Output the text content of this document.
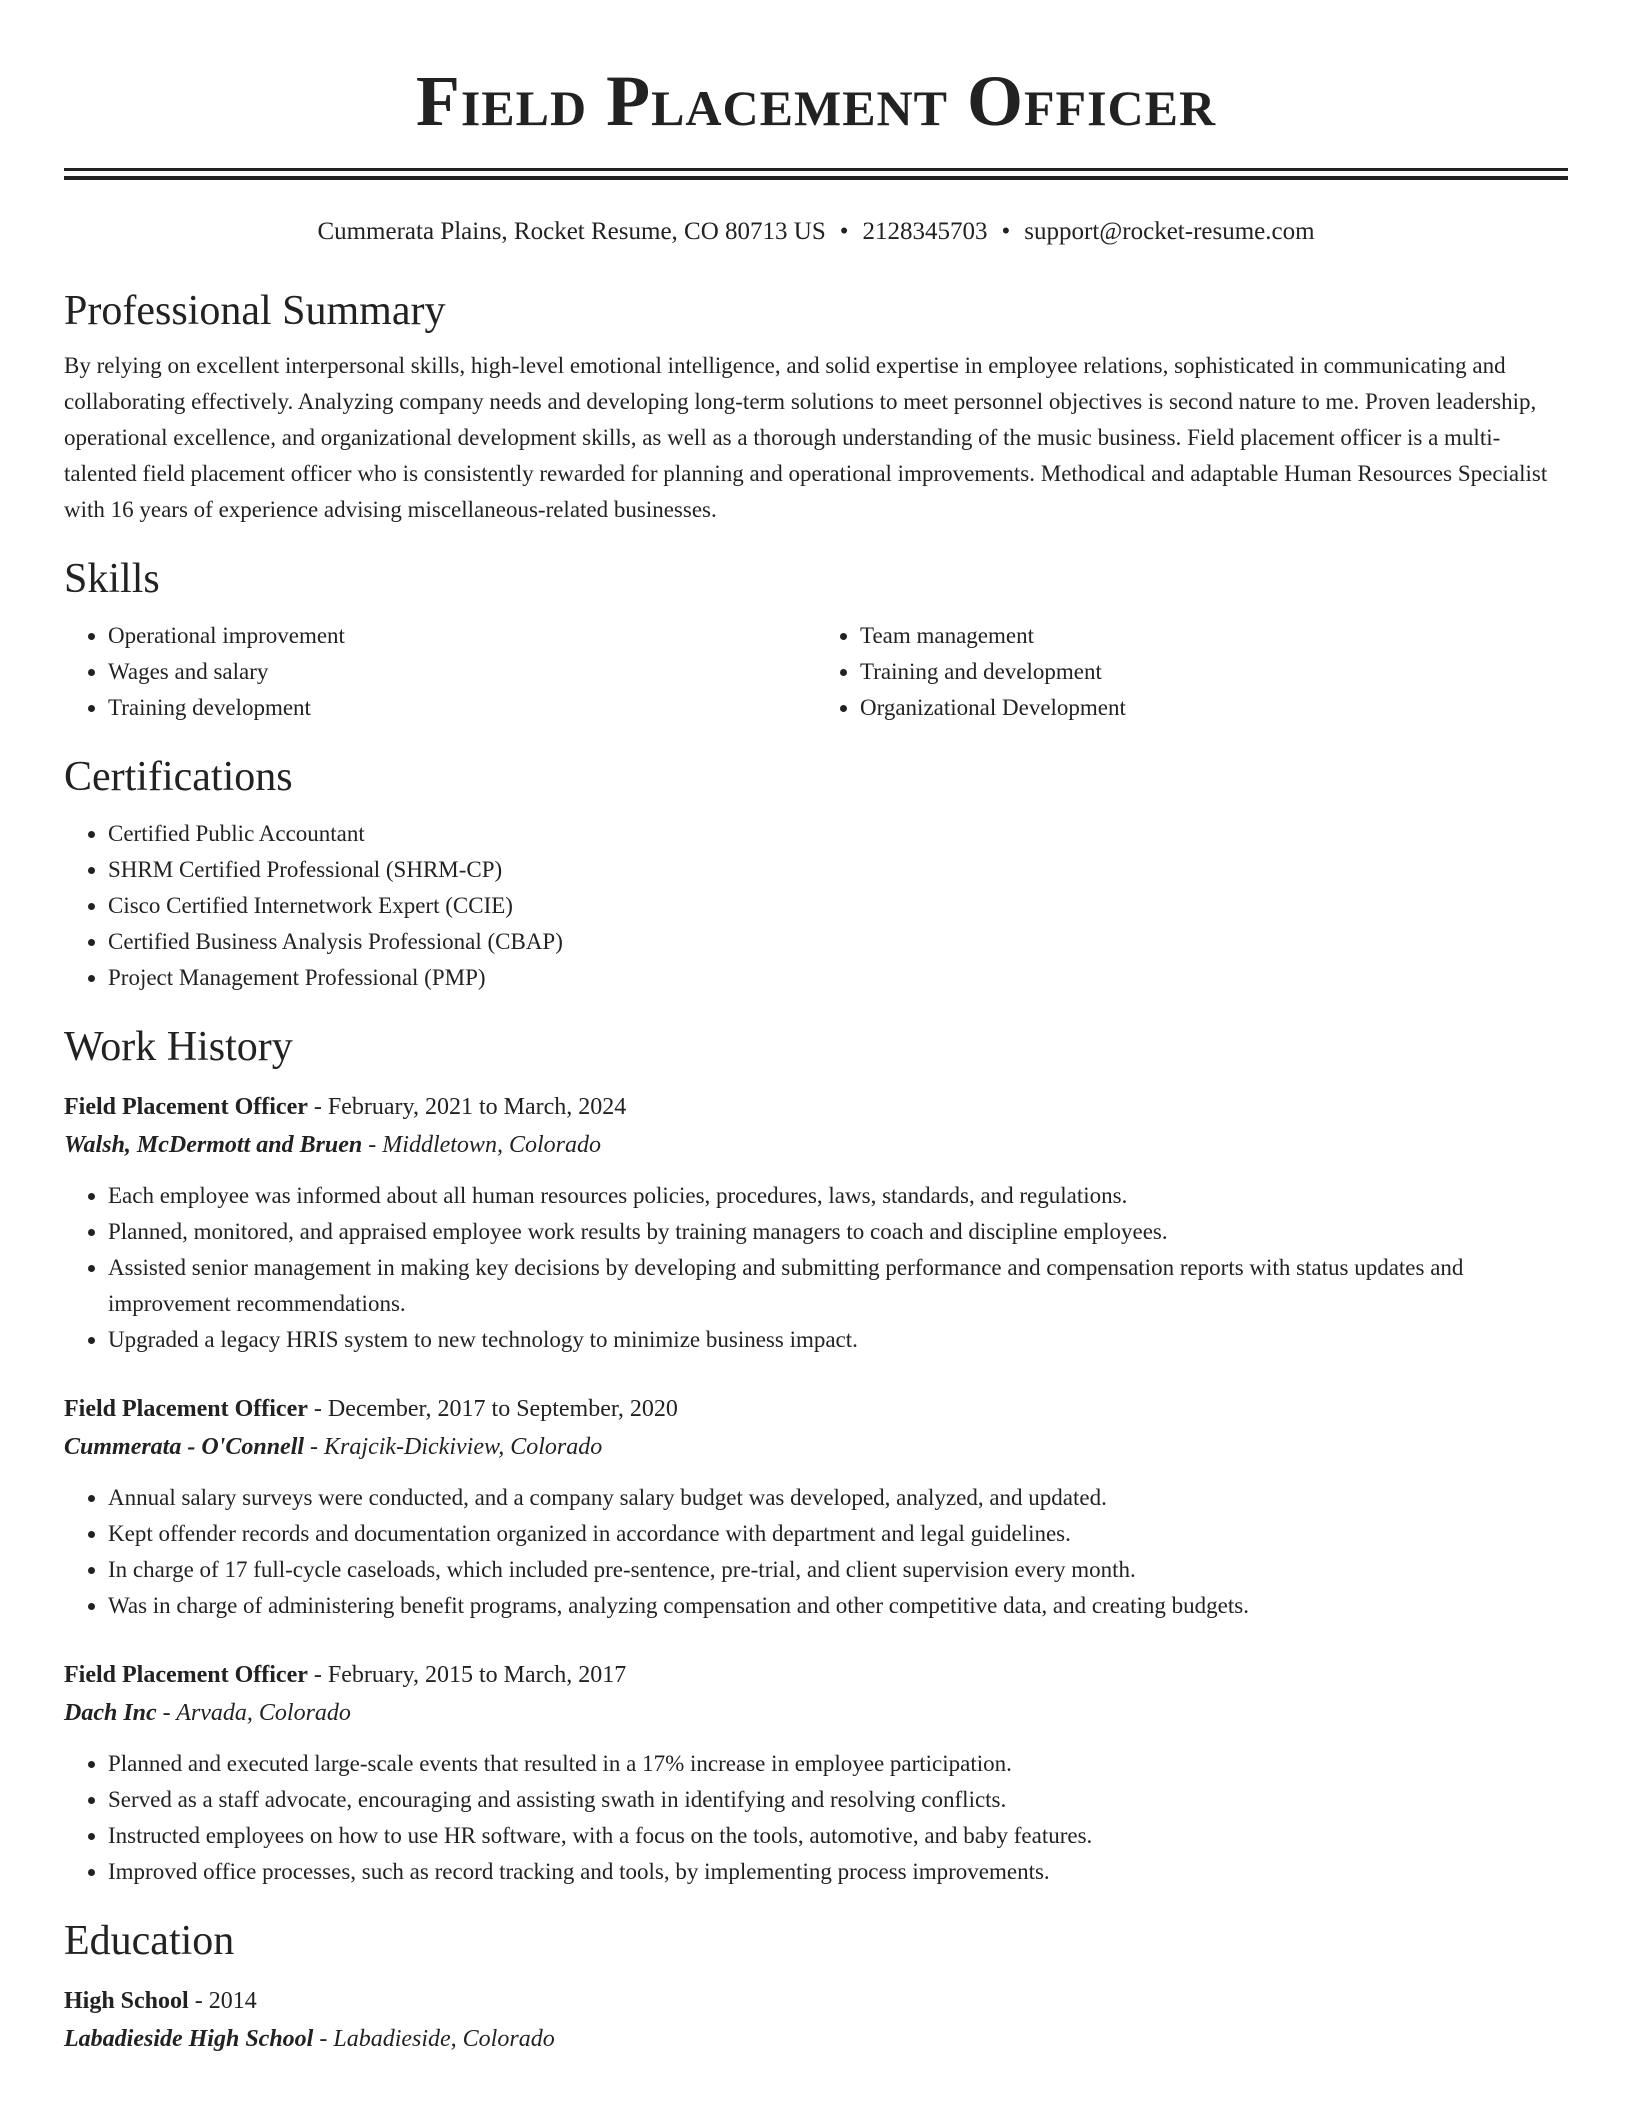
Field Placement Officer
Cummerata Plains, Rocket Resume, CO 80713 US • 2128345703 • support@rocket-resume.com
Professional Summary

By relying on excellent interpersonal skills, high-level emotional intelligence, and solid expertise in employee relations, sophisticated in communicating and collaborating effectively. Analyzing company needs and developing long-term solutions to meet personnel objectives is second nature to me. Proven leadership, operational excellence, and organizational development skills, as well as a thorough understanding of the music business. Field placement officer is a multi-talented field placement officer who is consistently rewarded for planning and operational improvements. Methodical and adaptable Human Resources Specialist with 16 years of experience advising miscellaneous-related businesses.

Skills
• Operational improvement
• Wages and salary
• Training development
• Team management
• Training and development
• Organizational Development
Certifications
• Certified Public Accountant
• SHRM Certified Professional (SHRM-CP)
• Cisco Certified Internetwork Expert (CCIE)
• Certified Business Analysis Professional (CBAP)
• Project Management Professional (PMP)
Work History
Field Placement Officer - February, 2021 to March, 2024
Walsh, McDermott and Bruen - Middletown, Colorado
• Each employee was informed about all human resources policies, procedures, laws, standards, and regulations.
• Planned, monitored, and appraised employee work results by training managers to coach and discipline employees.
• Assisted senior management in making key decisions by developing and submitting performance and compensation reports with status updates and improvement recommendations.
• Upgraded a legacy HRIS system to new technology to minimize business impact.
Field Placement Officer - December, 2017 to September, 2020
Cummerata - O'Connell - Krajcik-Dickiview, Colorado
• Annual salary surveys were conducted, and a company salary budget was developed, analyzed, and updated.
• Kept offender records and documentation organized in accordance with department and legal guidelines.
• In charge of 17 full-cycle caseloads, which included pre-sentence, pre-trial, and client supervision every month.
• Was in charge of administering benefit programs, analyzing compensation and other competitive data, and creating budgets.
Field Placement Officer - February, 2015 to March, 2017
Dach Inc - Arvada, Colorado
• Planned and executed large-scale events that resulted in a 17% increase in employee participation.
• Served as a staff advocate, encouraging and assisting swath in identifying and resolving conflicts.
• Instructed employees on how to use HR software, with a focus on the tools, automotive, and baby features.
• Improved office processes, such as record tracking and tools, by implementing process improvements.
Education
High School - 2014
Labadieside High School - Labadieside, Colorado
